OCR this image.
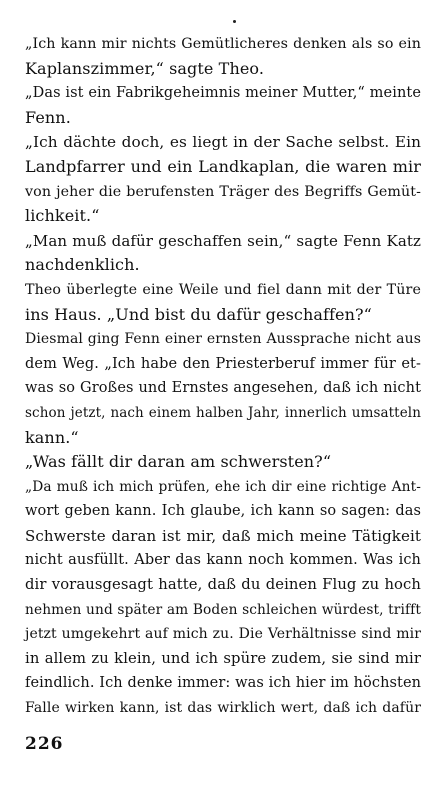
„Ich kann mir nichts Gemütlicheres denken als so ein
Kaplanszimmer,“ sagte Theo.
„Das ist ein Fabrikgeheimnis meiner Mutter,“ meinte
Fenn.
„Ich dächte doch, es liegt in der Sache selbst. Ein
Landpfarrer und ein Landkaplan, die waren mir
von jeher die berufensten Träger des Begriffs Gemüt-
lichkeit.“
„Man muß dafür geschaffen sein,“ sagte Fenn Katz
nachdenklich.
Theo überlegte eine Weile und fiel dann mit der Türe
ins Haus. „Und bist du dafür geschaffen?“
Diesmal ging Fenn einer ernsten Aussprache nicht aus
dem Weg. „Ich habe den Priesterberuf immer für et-
was so Großes und Ernstes angesehen, daß ich nicht
schon jetzt, nach einem halben Jahr, innerlich umsatteln
kann.“
„Was fällt dir daran am schwersten?“
„Da muß ich mich prüfen, ehe ich dir eine richtige Ant-
wort geben kann. Ich glaube, ich kann so sagen: das
Schwerste daran ist mir, daß mich meine Tätigkeit
nicht ausfüllt. Aber das kann noch kommen. Was ich
dir vorausgesagt hatte, daß du deinen Flug zu hoch
nehmen und später am Boden schleichen würdest, trifft
jetzt umgekehrt auf mich zu. Die Verhältnisse sind mir
in allem zu klein, und ich spüre zudem, sie sind mir
feindlich. Ich denke immer: was ich hier im höchsten
Falle wirken kann, ist das wirklich wert, daß ich dafür
226
